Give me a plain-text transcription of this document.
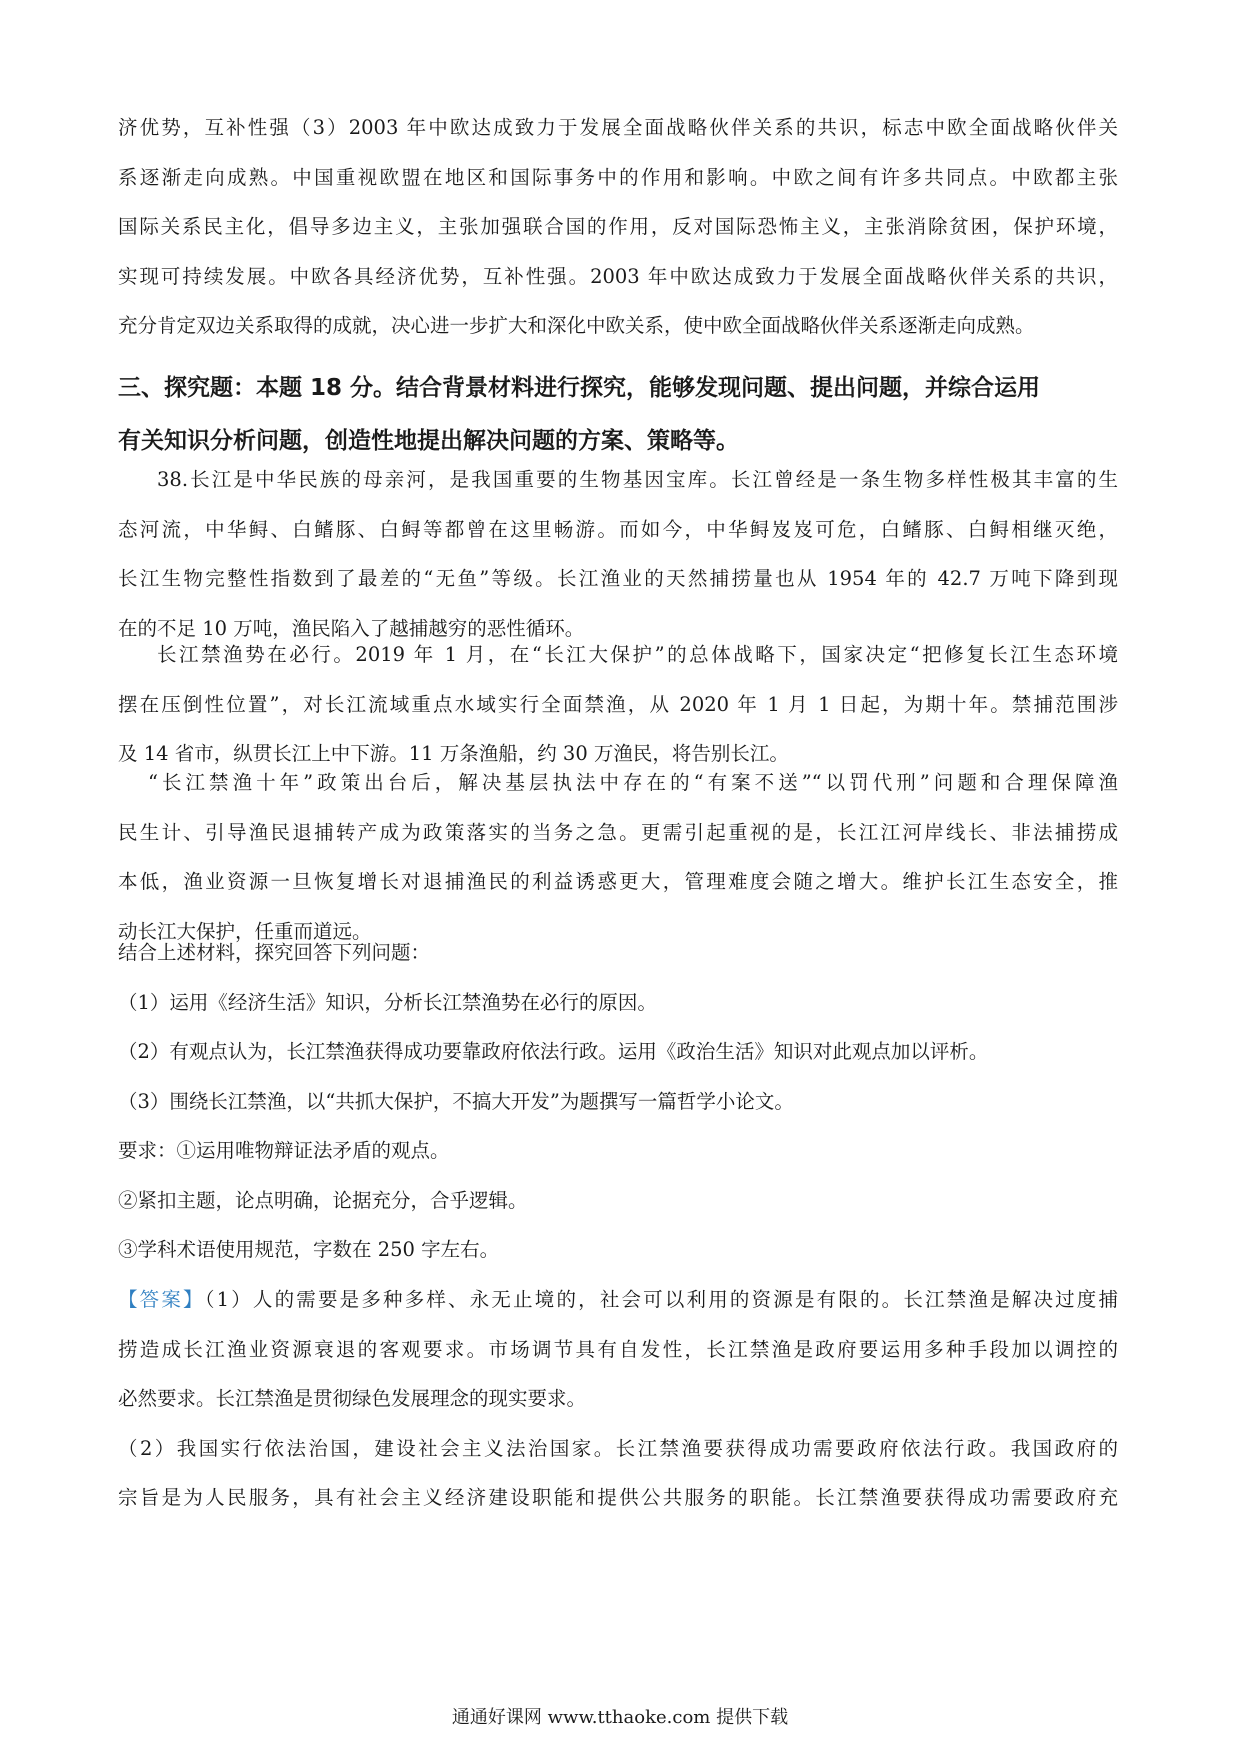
济优势，互补性强（3）2003 年中欧达成致力于发展全面战略伙伴关系的共识，标志中欧全面战略伙伴关
系逐渐走向成熟。中国重视欧盟在地区和国际事务中的作用和影响。中欧之间有许多共同点。中欧都主张
国际关系民主化，倡导多边主义，主张加强联合国的作用，反对国际恐怖主义，主张消除贫困，保护环境，
实现可持续发展。中欧各具经济优势，互补性强。2003 年中欧达成致力于发展全面战略伙伴关系的共识，
充分肯定双边关系取得的成就，决心进一步扩大和深化中欧关系，使中欧全面战略伙伴关系逐渐走向成熟。
三、探究题：本题 18 分。结合背景材料进行探究，能够发现问题、提出问题，并综合运用
有关知识分析问题，创造性地提出解决问题的方案、策略等。
38.长江是中华民族的母亲河，是我国重要的生物基因宝库。长江曾经是一条生物多样性极其丰富的生
态河流，中华鲟、白鳍豚、白鲟等都曾在这里畅游。而如今，中华鲟岌岌可危，白鳍豚、白鲟相继灭绝，
长江生物完整性指数到了最差的“无鱼”等级。长江渔业的天然捕捞量也从 1954 年的 42.7 万吨下降到现
在的不足 10 万吨，渔民陷入了越捕越穷的恶性循环。
长江禁渔势在必行。2019 年 1 月，在“长江大保护”的总体战略下，国家决定“把修复长江生态环境
摆在压倒性位置”，对长江流域重点水域实行全面禁渔，从 2020 年 1 月 1 日起，为期十年。禁捕范围涉
及 14 省市，纵贯长江上中下游。11 万条渔船，约 30 万渔民，将告别长江。
“长江禁渔十年”政策出台后，解决基层执法中存在的“有案不送”“以罚代刑”问题和合理保障渔
民生计、引导渔民退捕转产成为政策落实的当务之急。更需引起重视的是，长江江河岸线长、非法捕捞成
本低，渔业资源一旦恢复增长对退捕渔民的利益诱惑更大，管理难度会随之增大。维护长江生态安全，推
动长江大保护，任重而道远。
结合上述材料，探究回答下列问题：
（1）运用《经济生活》知识，分析长江禁渔势在必行的原因。
（2）有观点认为，长江禁渔获得成功要靠政府依法行政。运用《政治生活》知识对此观点加以评析。
（3）围绕长江禁渔，以“共抓大保护，不搞大开发”为题撰写一篇哲学小论文。
要求：①运用唯物辩证法矛盾的观点。
②紧扣主题，论点明确，论据充分，合乎逻辑。
③学科术语使用规范，字数在 250 字左右。
【答案】（1）人的需要是多种多样、永无止境的，社会可以利用的资源是有限的。长江禁渔是解决过度捕
捞造成长江渔业资源衰退的客观要求。市场调节具有自发性，长江禁渔是政府要运用多种手段加以调控的
必然要求。长江禁渔是贯彻绿色发展理念的现实要求。
（2）我国实行依法治国，建设社会主义法治国家。长江禁渔要获得成功需要政府依法行政。我国政府的
宗旨是为人民服务，具有社会主义经济建设职能和提供公共服务的职能。长江禁渔要获得成功需要政府充
通通好课网 www.tthaoke.com 提供下载
